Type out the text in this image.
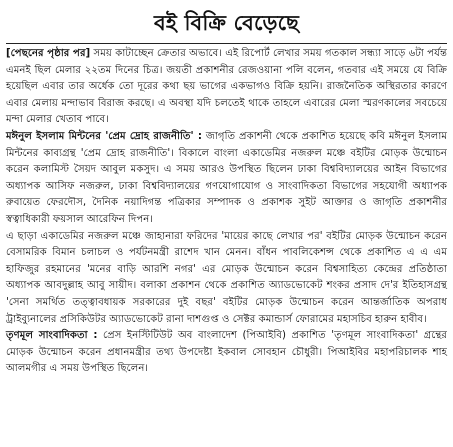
বই বিক্রি বেড়েছে

[পেছনের পৃষ্ঠার পর] সময় কাটাচ্ছেন ক্রেতার অভাবে। এই রিপোর্ট লেখার সময় গতকাল সন্ধ্যা সাড়ে ৬টা পর্যন্ত এমনই ছিল মেলার ২২তম দিনের চিত্র। জয়তী প্রকাশনীর রেজওয়ানা পলি বলেন, গতবার এই সময়ে যে বিক্রি হয়েছিল এবার তার অর্ধেক তো দূরের কথা ছয় ভাগের একভাগও বিক্রি হয়নি। রাজনৈতিক অস্থিরতার কারণে এবার মেলায় মন্দাভাব বিরাজ করছে। এ অবস্থা যদি চলতেই থাকে তাহলে এবারের মেলা স্মরণকালের সবচেয়ে মন্দা মেলার খেতাব পাবে।

মঈনুল ইসলাম মিন্টনের 'প্রেম দ্রোহ রাজনীতি' : জাগৃতি প্রকাশনী থেকে প্রকাশিত হয়েছে কবি মঈনুল ইসলাম মিন্টনের কাব্যগ্রন্থ 'প্রেম দ্রোহ রাজনীতি'। বিকালে বাংলা একাডেমির নজরুল মঞ্চে বইটির মোড়ক উন্মোচন করেন কলামিস্ট সৈয়দ আবুল মকসুদ। এ সময় আরও উপস্থিত ছিলেন ঢাকা বিশ্ববিদ্যালয়ের আইন বিভাগের অধ্যাপক আসিফ নজরুল, ঢাকা বিশ্ববিদ্যালয়ের গণযোগাযোগ ও সাংবাদিকতা বিভাগের সহযোগী অধ্যাপক রুবায়েত ফেরদৌস, দৈনিক নয়াদিগন্ত পত্রিকার সম্পাদক ও প্রকাশক সুইট আক্তার ও জাগৃতি প্রকাশনীর স্বত্বাধিকারী ফয়সাল আরেফিন দিপন।

এ ছাড়া একাডেমির নজরুল মঞ্চে জাহানারা ফরিদের 'মায়ের কাছে লেখার পর' বইটির মোড়ক উন্মোচন করেন বেসামরিক বিমান চলাচল ও পর্যটনমন্ত্রী রাশেদ খান মেনন। বাঁধন পাবলিকেশন্স থেকে প্রকাশিত এ এ এম হাফিজুর রহমানের 'মনের বাড়ি আরশি নগর' এর মোড়ক উন্মোচন করেন বিশ্বসাহিত্য কেন্দ্রের প্রতিষ্ঠাতা অধ্যাপক আবদুল্লাহ আবু সায়ীদ। বলাকা প্রকাশন থেকে প্রকাশিত অ্যাডভোকেট শংকর প্রসাদ দে'র ইতিহাসগ্রন্থ 'সেনা সমর্থিত তত্ত্বাবধায়ক সরকারের দুই বছর' বইটির মোড়ক উন্মোচন করেন আন্তর্জাতিক অপরাধ ট্রাইব্যুনালের প্রসিকিউটর অ্যাডভোকেট রানা দাশগুপ্ত ও সেক্টর কমান্ডার্স ফোরামের মহাসচিব হারুন হাবীব।

তৃণমূল সাংবাদিকতা : প্রেস ইনস্টিটিউট অব বাংলাদেশ (পিআইবি) প্রকাশিত 'তৃণমূল সাংবাদিকতা' গ্রন্থের মোড়ক উন্মোচন করেন প্রধানমন্ত্রীর তথ্য উপদেষ্টা ইকবাল সোবহান চৌধুরী। পিআইবির মহাপরিচালক শাহ আলমগীর এ সময় উপস্থিত ছিলেন।
